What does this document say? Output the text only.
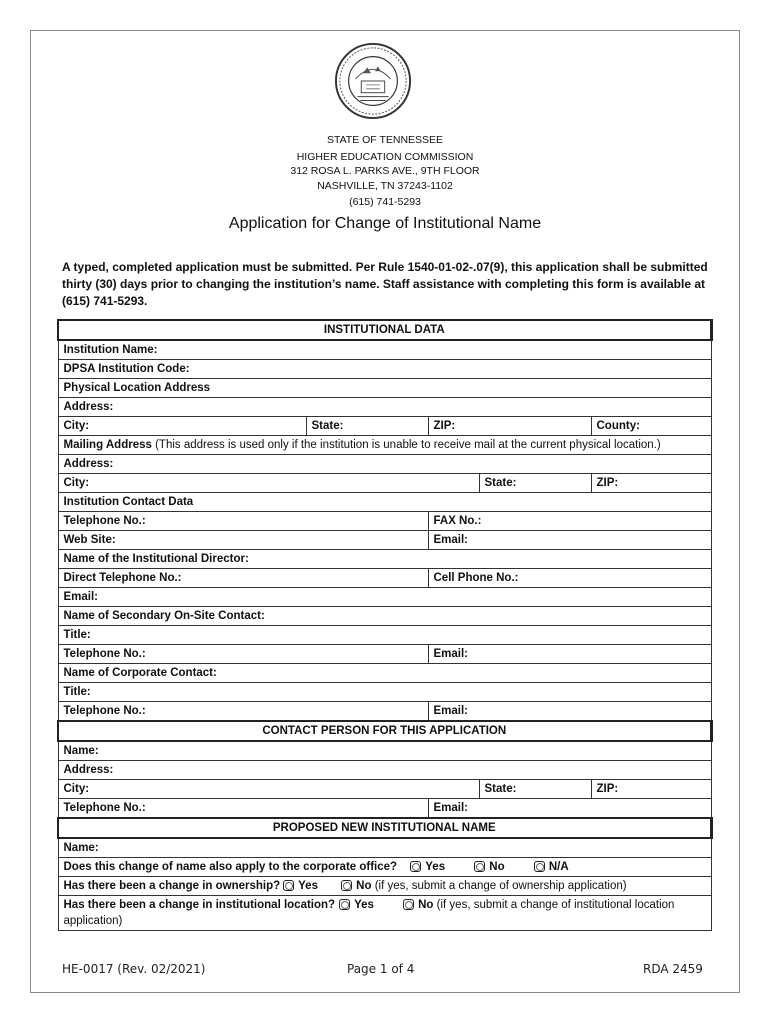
STATE OF TENNESSEE
HIGHER EDUCATION COMMISSION
312 ROSA L. PARKS AVE., 9TH FLOOR
NASHVILLE, TN 37243-1102
(615) 741-5293
Application for Change of Institutional Name
A typed, completed application must be submitted. Per Rule 1540-01-02-.07(9), this application shall be submitted thirty (30) days prior to changing the institution’s name. Staff assistance with completing this form is available at (615) 741-5293.
INSTITUTIONAL DATA				
Institution Name:				
DPSA Institution Code:				
Physical Location Address				
Address:				
City:	State:	ZIP:		County:
Mailing Address (This address is used only if the institution is unable to receive mail at the current physical location.)				
Address:				
City:			State:	ZIP:
Institution Contact Data				
Telephone No.:		FAX No.:		
Web Site:		Email:		
Name of the Institutional Director:				
Direct Telephone No.:		Cell Phone No.:		
Email:				
Name of Secondary On-Site Contact:				
Title:				
Telephone No.:		Email:		
Name of Corporate Contact:				
Title:				
Telephone No.:		Email:		
CONTACT PERSON FOR THIS APPLICATION				
Name:				
Address:				
City:			State:	ZIP:
Telephone No.:		Email:		
PROPOSED NEW INSTITUTIONAL NAME				
Name:				
Does this change of name also apply to the corporate office? Yes No N/A				
Has there been a change in ownership? Yes No (if yes, submit a change of ownership application)				
Has there been a change in institutional location? Yes No (if yes, submit a change of institutional location application)				
HE-0017 (Rev. 02/2021)	Page 1 of 4	RDA 2459
